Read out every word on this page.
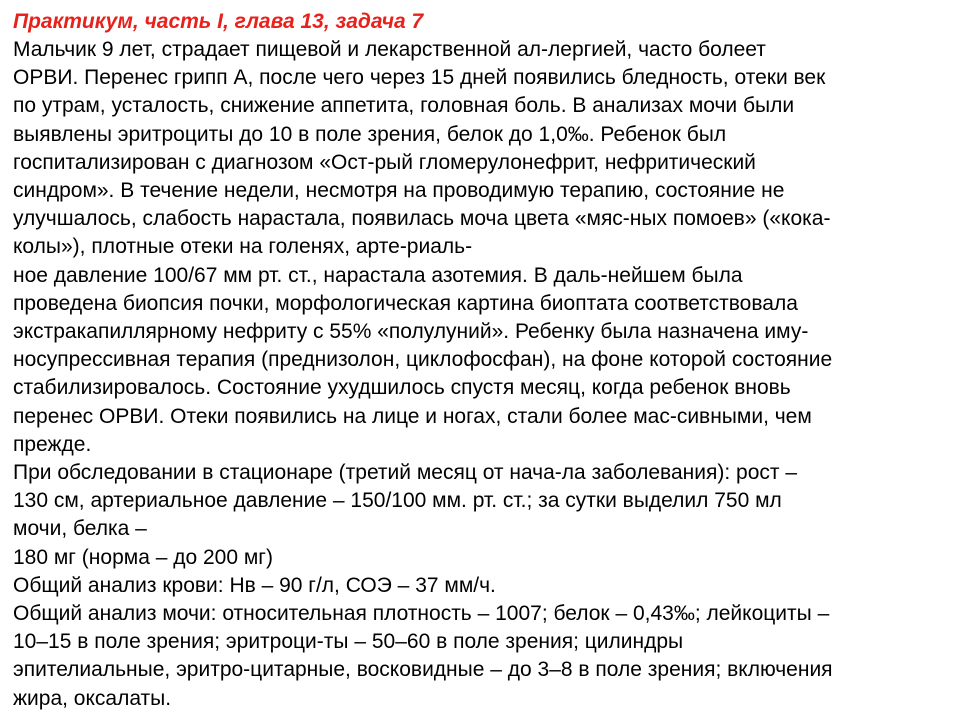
Практикум, часть I, глава 13, задача 7
Мальчик 9 лет, страдает пищевой и лекарственной ал-лергией, часто болеет
ОРВИ. Перенес грипп А, после чего через 15 дней появились бледность, отеки век
по утрам, усталость, снижение аппетита, головная боль. В анализах мочи были
выявлены эритроциты до 10 в поле зрения, белок до 1,0‰. Ребенок был
госпитализирован с диагнозом «Ост-рый гломерулонефрит, нефритический
синдром». В течение недели, несмотря на проводимую терапию, состояние не
улучшалось, слабость нарастала, появилась моча цвета «мяс-ных помоев» («кока-
колы»), плотные отеки на голенях, арте-риаль-
ное давление 100/67 мм рт. ст., нарастала азотемия. В даль-нейшем была
проведена биопсия почки, морфологическая картина биоптата соответствовала
экстракапиллярному нефриту с 55% «полулуний». Ребенку была назначена иму-
носупрессивная терапия (преднизолон, циклофосфан), на фоне которой состояние
стабилизировалось. Состояние ухудшилось спустя месяц, когда ребенок вновь
перенес ОРВИ. Отеки появились на лице и ногах, стали более мас-сивными, чем
прежде.
При обследовании в стационаре (третий месяц от нача-ла заболевания): рост –
130 см, артериальное давление – 150/100 мм. рт. ст.; за сутки выделил 750 мл
мочи, белка –
180 мг (норма – до 200 мг)
Общий анализ крови: Нв – 90 г/л, СОЭ – 37 мм/ч.
Общий анализ мочи: относительная плотность – 1007; белок – 0,43‰; лейкоциты –
10–15 в поле зрения; эритроци-ты – 50–60 в поле зрения; цилиндры
эпителиальные, эритро-цитарные, восковидные – до 3–8 в поле зрения; включения
жира, оксалаты.
